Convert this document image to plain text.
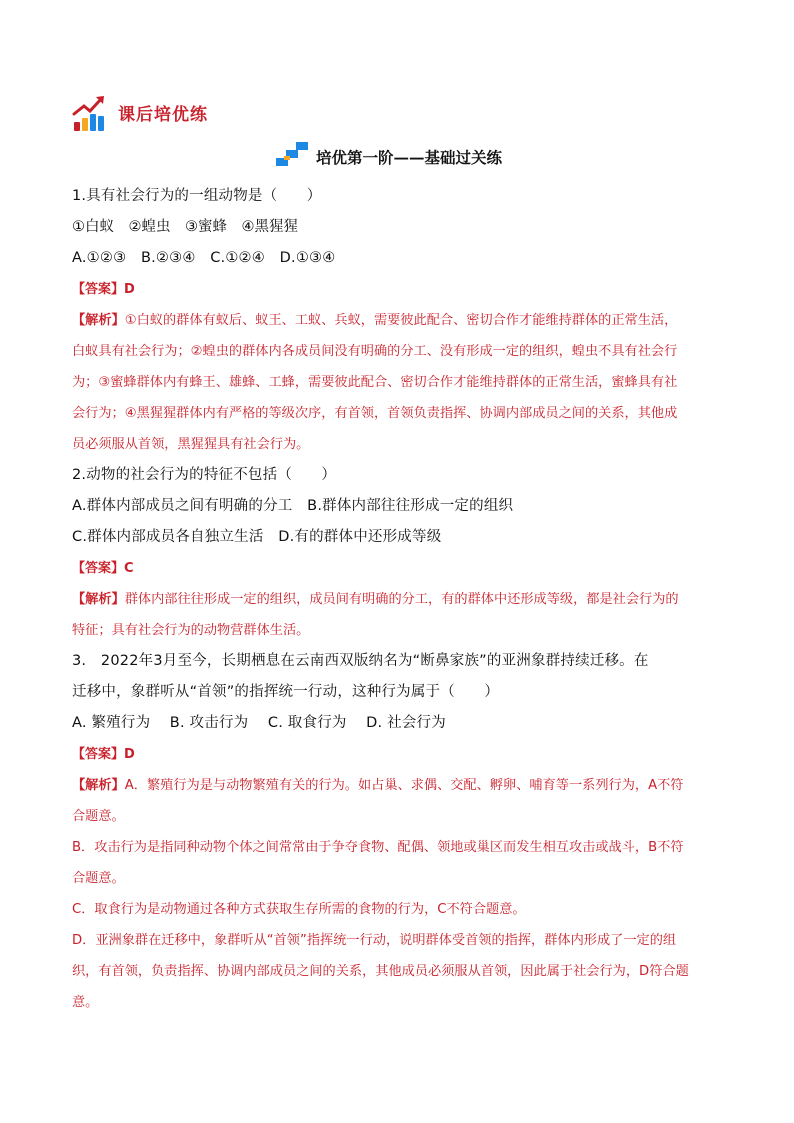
课后培优练
培优第一阶——基础过关练
1.具有社会行为的一组动物是（　　）
①白蚁　②蝗虫　③蜜蜂　④黑猩猩
A.①②③　B.②③④　C.①②④　D.①③④
【答案】D
【解析】①白蚁的群体有蚁后、蚁王、工蚁、兵蚁，需要彼此配合、密切合作才能维持群体的正常生活，
白蚁具有社会行为；②蝗虫的群体内各成员间没有明确的分工、没有形成一定的组织，蝗虫不具有社会行
为；③蜜蜂群体内有蜂王、雄蜂、工蜂，需要彼此配合、密切合作才能维持群体的正常生活，蜜蜂具有社
会行为；④黑猩猩群体内有严格的等级次序，有首领，首领负责指挥、协调内部成员之间的关系，其他成
员必须服从首领，黑猩猩具有社会行为。
2.动物的社会行为的特征不包括（　　）
A.群体内部成员之间有明确的分工　B.群体内部往往形成一定的组织
C.群体内部成员各自独立生活　D.有的群体中还形成等级
【答案】C
【解析】群体内部往往形成一定的组织，成员间有明确的分工，有的群体中还形成等级，都是社会行为的
特征；具有社会行为的动物营群体生活。
3.　2022年3月至今，长期栖息在云南西双版纳名为“断鼻家族”的亚洲象群持续迁移。在
迁移中，象群听从“首领”的指挥统一行动，这种行为属于（　　）
A. 繁殖行为　 B. 攻击行为　 C. 取食行为　 D. 社会行为
【答案】D
【解析】A．繁殖行为是与动物繁殖有关的行为。如占巢、求偶、交配、孵卵、哺育等一系列行为，A不符
合题意。
B．攻击行为是指同种动物个体之间常常由于争夺食物、配偶、领地或巢区而发生相互攻击或战斗，B不符
合题意。
C．取食行为是动物通过各种方式获取生存所需的食物的行为，C不符合题意。
D．亚洲象群在迁移中，象群听从“首领”指挥统一行动，说明群体受首领的指挥，群体内形成了一定的组
织，有首领，负责指挥、协调内部成员之间的关系，其他成员必须服从首领，因此属于社会行为，D符合题
意。
